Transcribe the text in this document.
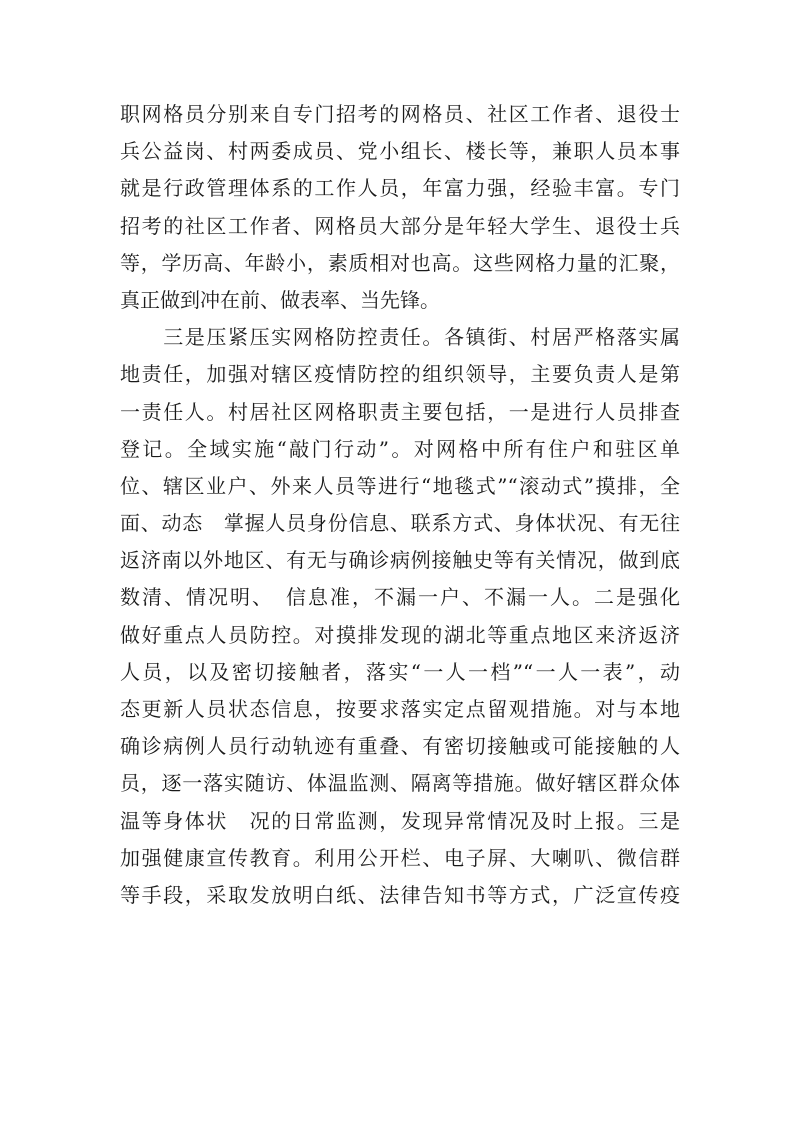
职网格员分别来自专门招考的网格员、社区工作者、退役士
兵公益岗、村两委成员、党小组长、楼长等，兼职人员本事
就是行政管理体系的工作人员，年富力强，经验丰富。专门
招考的社区工作者、网格员大部分是年轻大学生、退役士兵
等，学历高、年龄小，素质相对也高。这些网格力量的汇聚，
真正做到冲在前、做表率、当先锋。
　　三是压紧压实网格防控责任。各镇街、村居严格落实属
地责任，加强对辖区疫情防控的组织领导，主要负责人是第
一责任人。村居社区网格职责主要包括，一是进行人员排查
登记。全域实施“敲门行动”。对网格中所有住户和驻区单
位、辖区业户、外来人员等进行“地毯式”“滚动式”摸排，全
面、动态　掌握人员身份信息、联系方式、身体状况、有无往
返济南以外地区、有无与确诊病例接触史等有关情况，做到底
数清、情况明、　信息准，不漏一户、不漏一人。二是强化
做好重点人员防控。对摸排发现的湖北等重点地区来济返济
人员，以及密切接触者，落实“一人一档”“一人一表”，动
态更新人员状态信息，按要求落实定点留观措施。对与本地
确诊病例人员行动轨迹有重叠、有密切接触或可能接触的人
员，逐一落实随访、体温监测、隔离等措施。做好辖区群众体
温等身体状　况的日常监测，发现异常情况及时上报。三是
加强健康宣传教育。利用公开栏、电子屏、大喇叭、微信群
等手段，采取发放明白纸、法律告知书等方式，广泛宣传疫
